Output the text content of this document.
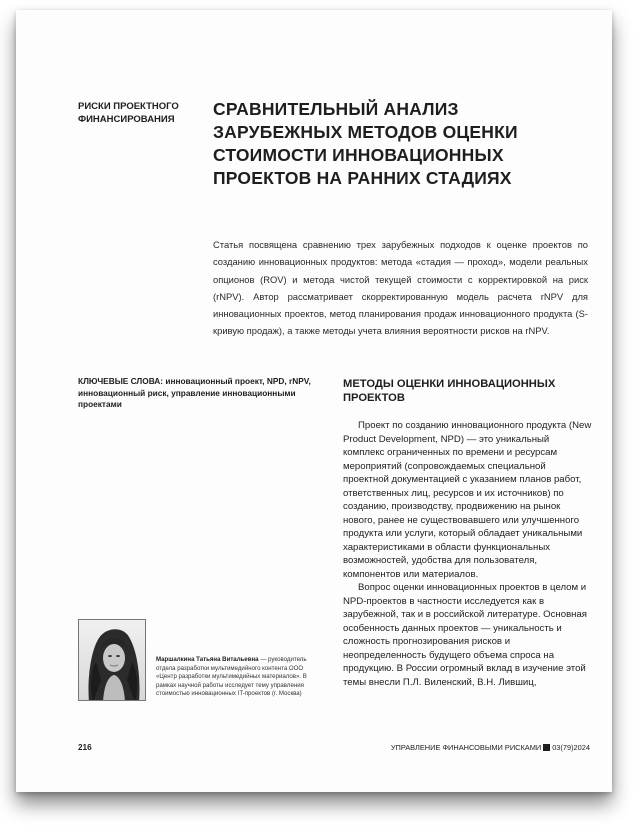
РИСКИ ПРОЕКТНОГО ФИНАНСИРОВАНИЯ
СРАВНИТЕЛЬНЫЙ АНАЛИЗ ЗАРУБЕЖНЫХ МЕТОДОВ ОЦЕНКИ СТОИМОСТИ ИННОВАЦИОННЫХ ПРОЕКТОВ НА РАННИХ СТАДИЯХ

Статья посвящена сравнению трех зарубежных подходов к оценке проектов по созданию инновационных продуктов: метода «стадия — проход», модели реальных опционов (ROV) и метода чистой текущей стоимости с корректировкой на риск (rNPV). Автор рассматривает скорректированную модель расчета rNPV для инновационных проектов, метод планирования продаж инновационного продукта (S-кривую продаж), а также методы учета влияния вероятности рисков на rNPV.

КЛЮЧЕВЫЕ СЛОВА: инновационный проект, NPD, rNPV, инновационный риск, управление инновационными проектами
МЕТОДЫ ОЦЕНКИ ИННОВАЦИОННЫХ ПРОЕКТОВ

Проект по созданию инновационного продукта (New Product Development, NPD) — это уникальный комплекс ограниченных по времени и ресурсам мероприятий (сопровождаемых специальной проектной документацией с указанием планов работ, ответственных лиц, ресурсов и их источников) по созданию, производству, продвижению на рынок нового, ранее не существовавшего или улучшенного продукта или услуги, который обладает уникальными характеристиками в области функциональных возможностей, удобства для пользователя, компонентов или материалов.

Вопрос оценки инновационных проектов в целом и NPD-проектов в частности исследуется как в зарубежной, так и в российской литературе. Основная особенность данных проектов — уникальность и сложность прогнозирования рисков и неопределенность будущего объема спроса на продукцию. В России огромный вклад в изучение этой темы внесли П.Л. Виленский, В.Н. Лившиц,

Маршалкина Татьяна Витальевна — руководитель отдела разработки мультимедийного контента ООО «Центр разработки мультимедийных материалов». В рамках научной работы исследует тему управления стоимостью инновационных IT-проектов (г. Москва)

216	УПРАВЛЕНИЕ ФИНАНСОВЫМИ РИСКАМИ 03(79)2024
